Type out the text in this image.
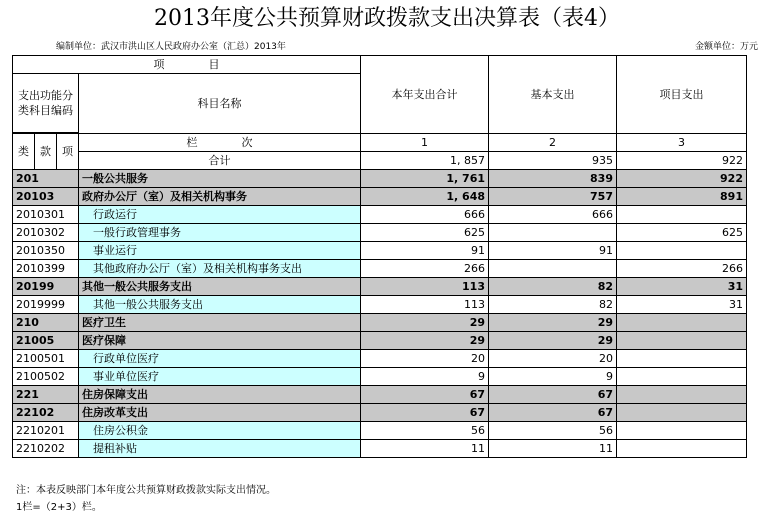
2013年度公共预算财政拨款支出决算表（表4）
编制单位：武汉市洪山区人民政府办公室（汇总）2013年	金额单位：万元
项　　　　目				本年支出合计	基本支出	项目支出
支出功能分类科目编码			科目名称			

类	款	项	栏　　　　次	1	2	3
			合计	1, 857	935	922
201			一般公共服务	1, 761	839	922
20103			政府办公厅（室）及相关机构事务	1, 648	757	891
2010301			行政运行	666	666	
2010302			一般行政管理事务	625		625
2010350			事业运行	91	91	
2010399			其他政府办公厅（室）及相关机构事务支出	266		266
20199			其他一般公共服务支出	113	82	31
2019999			其他一般公共服务支出	113	82	31
210			医疗卫生	29	29	
21005			医疗保障	29	29	
2100501			行政单位医疗	20	20	
2100502			事业单位医疗	9	9	
221			住房保障支出	67	67	
22102			住房改革支出	67	67	
2210201			住房公积金	56	56	
2210202			提租补贴	11	11	
注：本表反映部门本年度公共预算财政拨款实际支出情况。
1栏=（2+3）栏。
